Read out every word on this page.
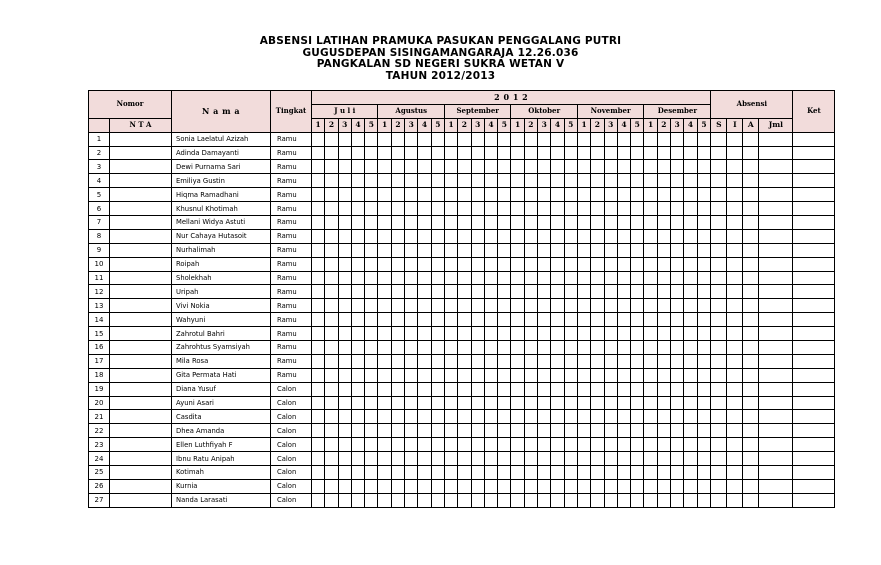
ABSENSI LATIHAN PRAMUKA PASUKAN PENGGALANG PUTRI
GUGUSDEPAN SISINGAMANGARAJA 12.26.036
PANGKALAN SD NEGERI SUKRA WETAN V
TAHUN 2012/2013
Nomor		N a m a	Tingkat	2 0 1 2																														Absensi				Ket
				J u l i					Agustus					September					Oktober					November					Desember									
	N T A			1	2	3	4	5	1	2	3	4	5	1	2	3	4	5	1	2	3	4	5	1	2	3	4	5	1	2	3	4	5	S	I	A	Jml	
1		Sonia Laelatul Azizah	Ramu																																			
2		Adinda Damayanti	Ramu																																			
3		Dewi Purnama Sari	Ramu																																			
4		Emiliya Gustin	Ramu																																			
5		Hiqma Ramadhani	Ramu																																			
6		Khusnul Khotimah	Ramu																																			
7		Mellani Widya Astuti	Ramu																																			
8		Nur Cahaya Hutasoit	Ramu																																			
9		Nurhalimah	Ramu																																			
10		Roipah	Ramu																																			
11		Sholekhah	Ramu																																			
12		Uripah	Ramu																																			
13		Vivi Nokia	Ramu																																			
14		Wahyuni	Ramu																																			
15		Zahrotul Bahri	Ramu																																			
16		Zahrohtus Syamsiyah	Ramu																																			
17		Mila Rosa	Ramu																																			
18		Gita Permata Hati	Ramu																																			
19		Diana Yusuf	Calon																																			
20		Ayuni Asari	Calon																																			
21		Casdita	Calon																																			
22		Dhea Amanda	Calon																																			
23		Ellen Luthfiyah F	Calon																																			
24		Ibnu Ratu Anipah	Calon																																			
25		Kotimah	Calon																																			
26		Kurnia	Calon																																			
27		Nanda Larasati	Calon																																			
